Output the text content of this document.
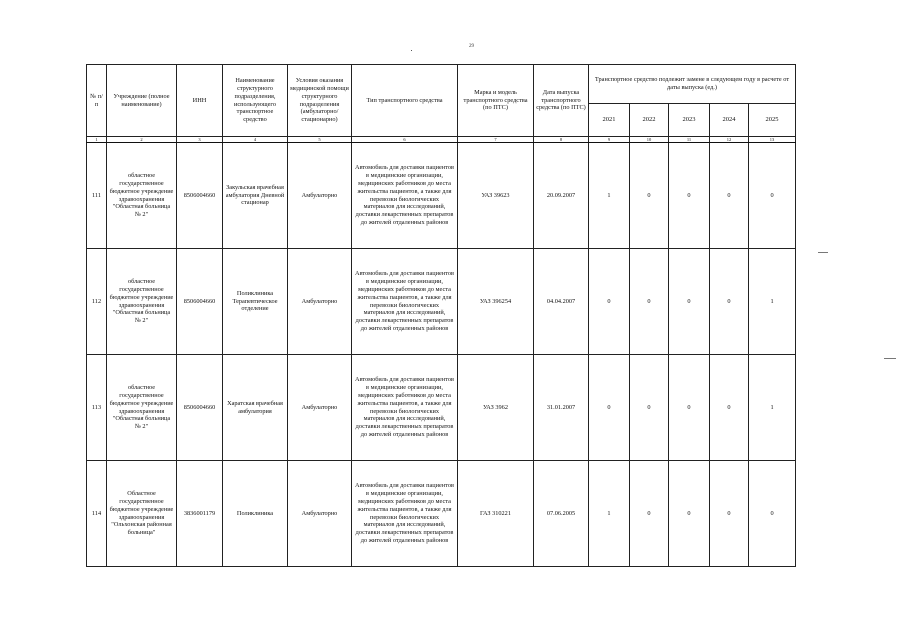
29
№ п/п	Учреждение (полное наименование)	ИНН	Наименование структурного подразделения, использующего транспортное средство	Условия оказания медицинской помощи структурного подразделения (амбулаторно/ стационарно)	Тип транспортного средства	Марка и модель транспортного средства (по ПТС)	Дата выпуска транспортного средства (по ПТС)	Транспортное средство подлежит замене в следующем году в расчете от даты выпуска (ед.)				
								2021	2022	2023	2024	2025
1	2	3	4	5	6	7	8	9	10	11	12	13
111	областное государственное бюджетное учреждение здравоохранения "Областная больница № 2"	8506004660	Закульская врачебная амбулатория Дневной стационар	Амбулаторно	Автомобиль для доставки пациентов в медицинские организации, медицинских работников до места жительства пациентов, а также для перевозки биологических материалов для исследований, доставки лекарственных препаратов до жителей отдаленных районов	УАЗ 39623	20.09.2007	1	0	0	0	0
112	областное государственное бюджетное учреждение здравоохранения "Областная больница № 2"	8506004660	Поликлиника Терапевтическое отделение	Амбулаторно	Автомобиль для доставки пациентов в медицинские организации, медицинских работников до места жительства пациентов, а также для перевозки биологических материалов для исследований, доставки лекарственных препаратов до жителей отдаленных районов	УАЗ 396254	04.04.2007	0	0	0	0	1
113	областное государственное бюджетное учреждение здравоохранения "Областная больница № 2"	8506004660	Харатская врачебная амбулатория	Амбулаторно	Автомобиль для доставки пациентов в медицинские организации, медицинских работников до места жительства пациентов, а также для перевозки биологических материалов для исследований, доставки лекарственных препаратов до жителей отдаленных районов	УАЗ 3962	31.01.2007	0	0	0	0	1
114	Областное государственное бюджетное учреждение здравоохранения "Ольхонская районная больница"	3836001179	Поликлиника	Амбулаторно	Автомобиль для доставки пациентов в медицинские организации, медицинских работников до места жительства пациентов, а также для перевозки биологических материалов для исследований, доставки лекарственных препаратов до жителей отдаленных районов	ГАЗ 310221	07.06.2005	1	0	0	0	0
